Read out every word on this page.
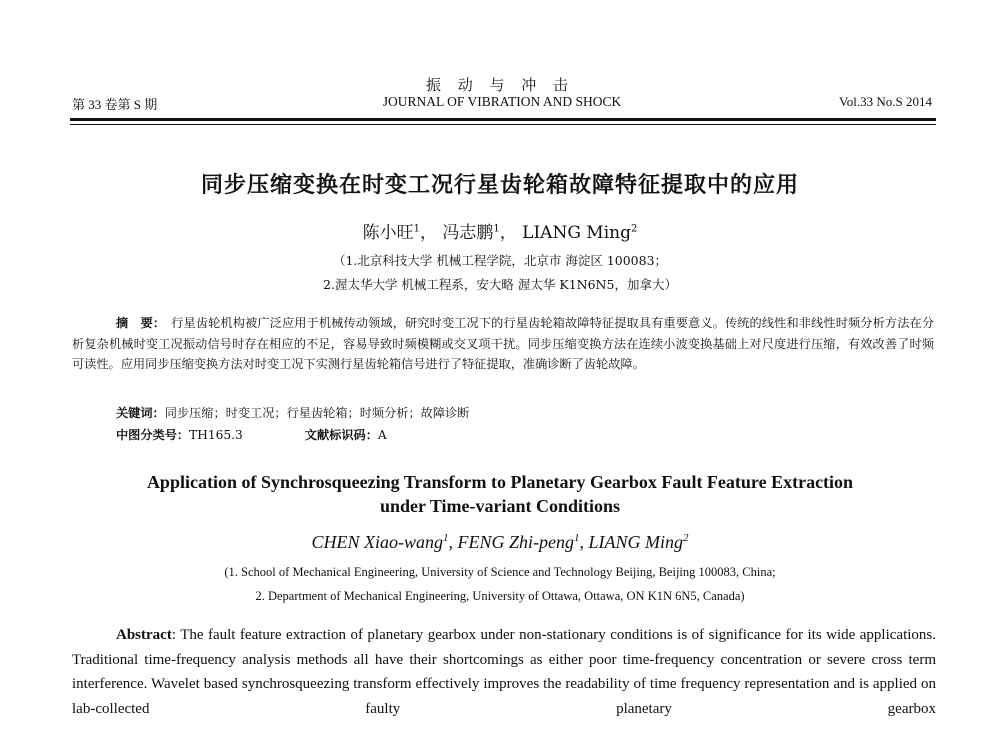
振 动 与 冲 击
第 33 卷第 S 期	JOURNAL OF VIBRATION AND SHOCK	Vol.33 No.S 2014
同步压缩变换在时变工况行星齿轮箱故障特征提取中的应用
陈小旺$^1$， 冯志鹏$^1$， LIANG Ming$^2$
（1.北京科技大学 机械工程学院，北京市 海淀区 100083；
2.渥太华大学 机械工程系，安大略 渥太华 K1N6N5，加拿大）
摘　要： 行星齿轮机构被广泛应用于机械传动领域，研究时变工况下的行星齿轮箱故障特征提取具有重要意义。传统的线性和非线性时频分析方法在分析复杂机械时变工况振动信号时存在相应的不足，容易导致时频模糊或交叉项干扰。同步压缩变换方法在连续小波变换基础上对尺度进行压缩，有效改善了时频可读性。应用同步压缩变换方法对时变工况下实测行星齿轮箱信号进行了特征提取，准确诊断了齿轮故障。
关键词：同步压缩；时变工况；行星齿轮箱；时频分析；故障诊断
中图分类号：TH165.3	文献标识码：A
Application of Synchrosqueezing Transform to Planetary Gearbox Fault Feature Extraction
under Time-variant Conditions
CHEN Xiao-wang$^1$, FENG Zhi-peng$^1$, LIANG Ming$^2$
(1. School of Mechanical Engineering, University of Science and Technology Beijing, Beijing 100083, China;
2. Department of Mechanical Engineering, University of Ottawa, Ottawa, ON K1N 6N5, Canada)
Abstract: The fault feature extraction of planetary gearbox under non-stationary conditions is of significance for its wide applications. Traditional time-frequency analysis methods all have their shortcomings as either poor time-frequency concentration or severe cross term interference. Wavelet based synchrosqueezing transform effectively improves the readability of time frequency representation and is applied on lab-collected faulty planetary gearbox
